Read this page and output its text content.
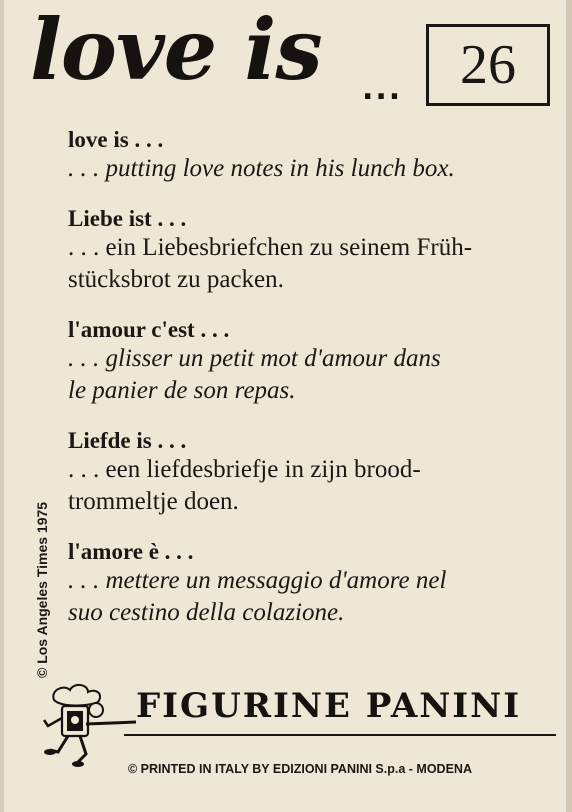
love is ... 26
love is . . .
. . . putting love notes in his lunch box.
Liebe ist . . .
. . . ein Liebesbriefchen zu seinem Früh-
stücksbrot zu packen.
l'amour c'est . . .
. . . glisser un petit mot d'amour dans
le panier de son repas.
Liefde is . . .
. . . een liefdesbriefje in zijn brood-
trommeltje doen.
l'amore è . . .
. . . mettere un messaggio d'amore nel
suo cestino della colazione.
© Los Angeles Times 1975
FIGURINE PANINI
© PRINTED IN ITALY BY EDIZIONI PANINI S.p.a - MODENA
